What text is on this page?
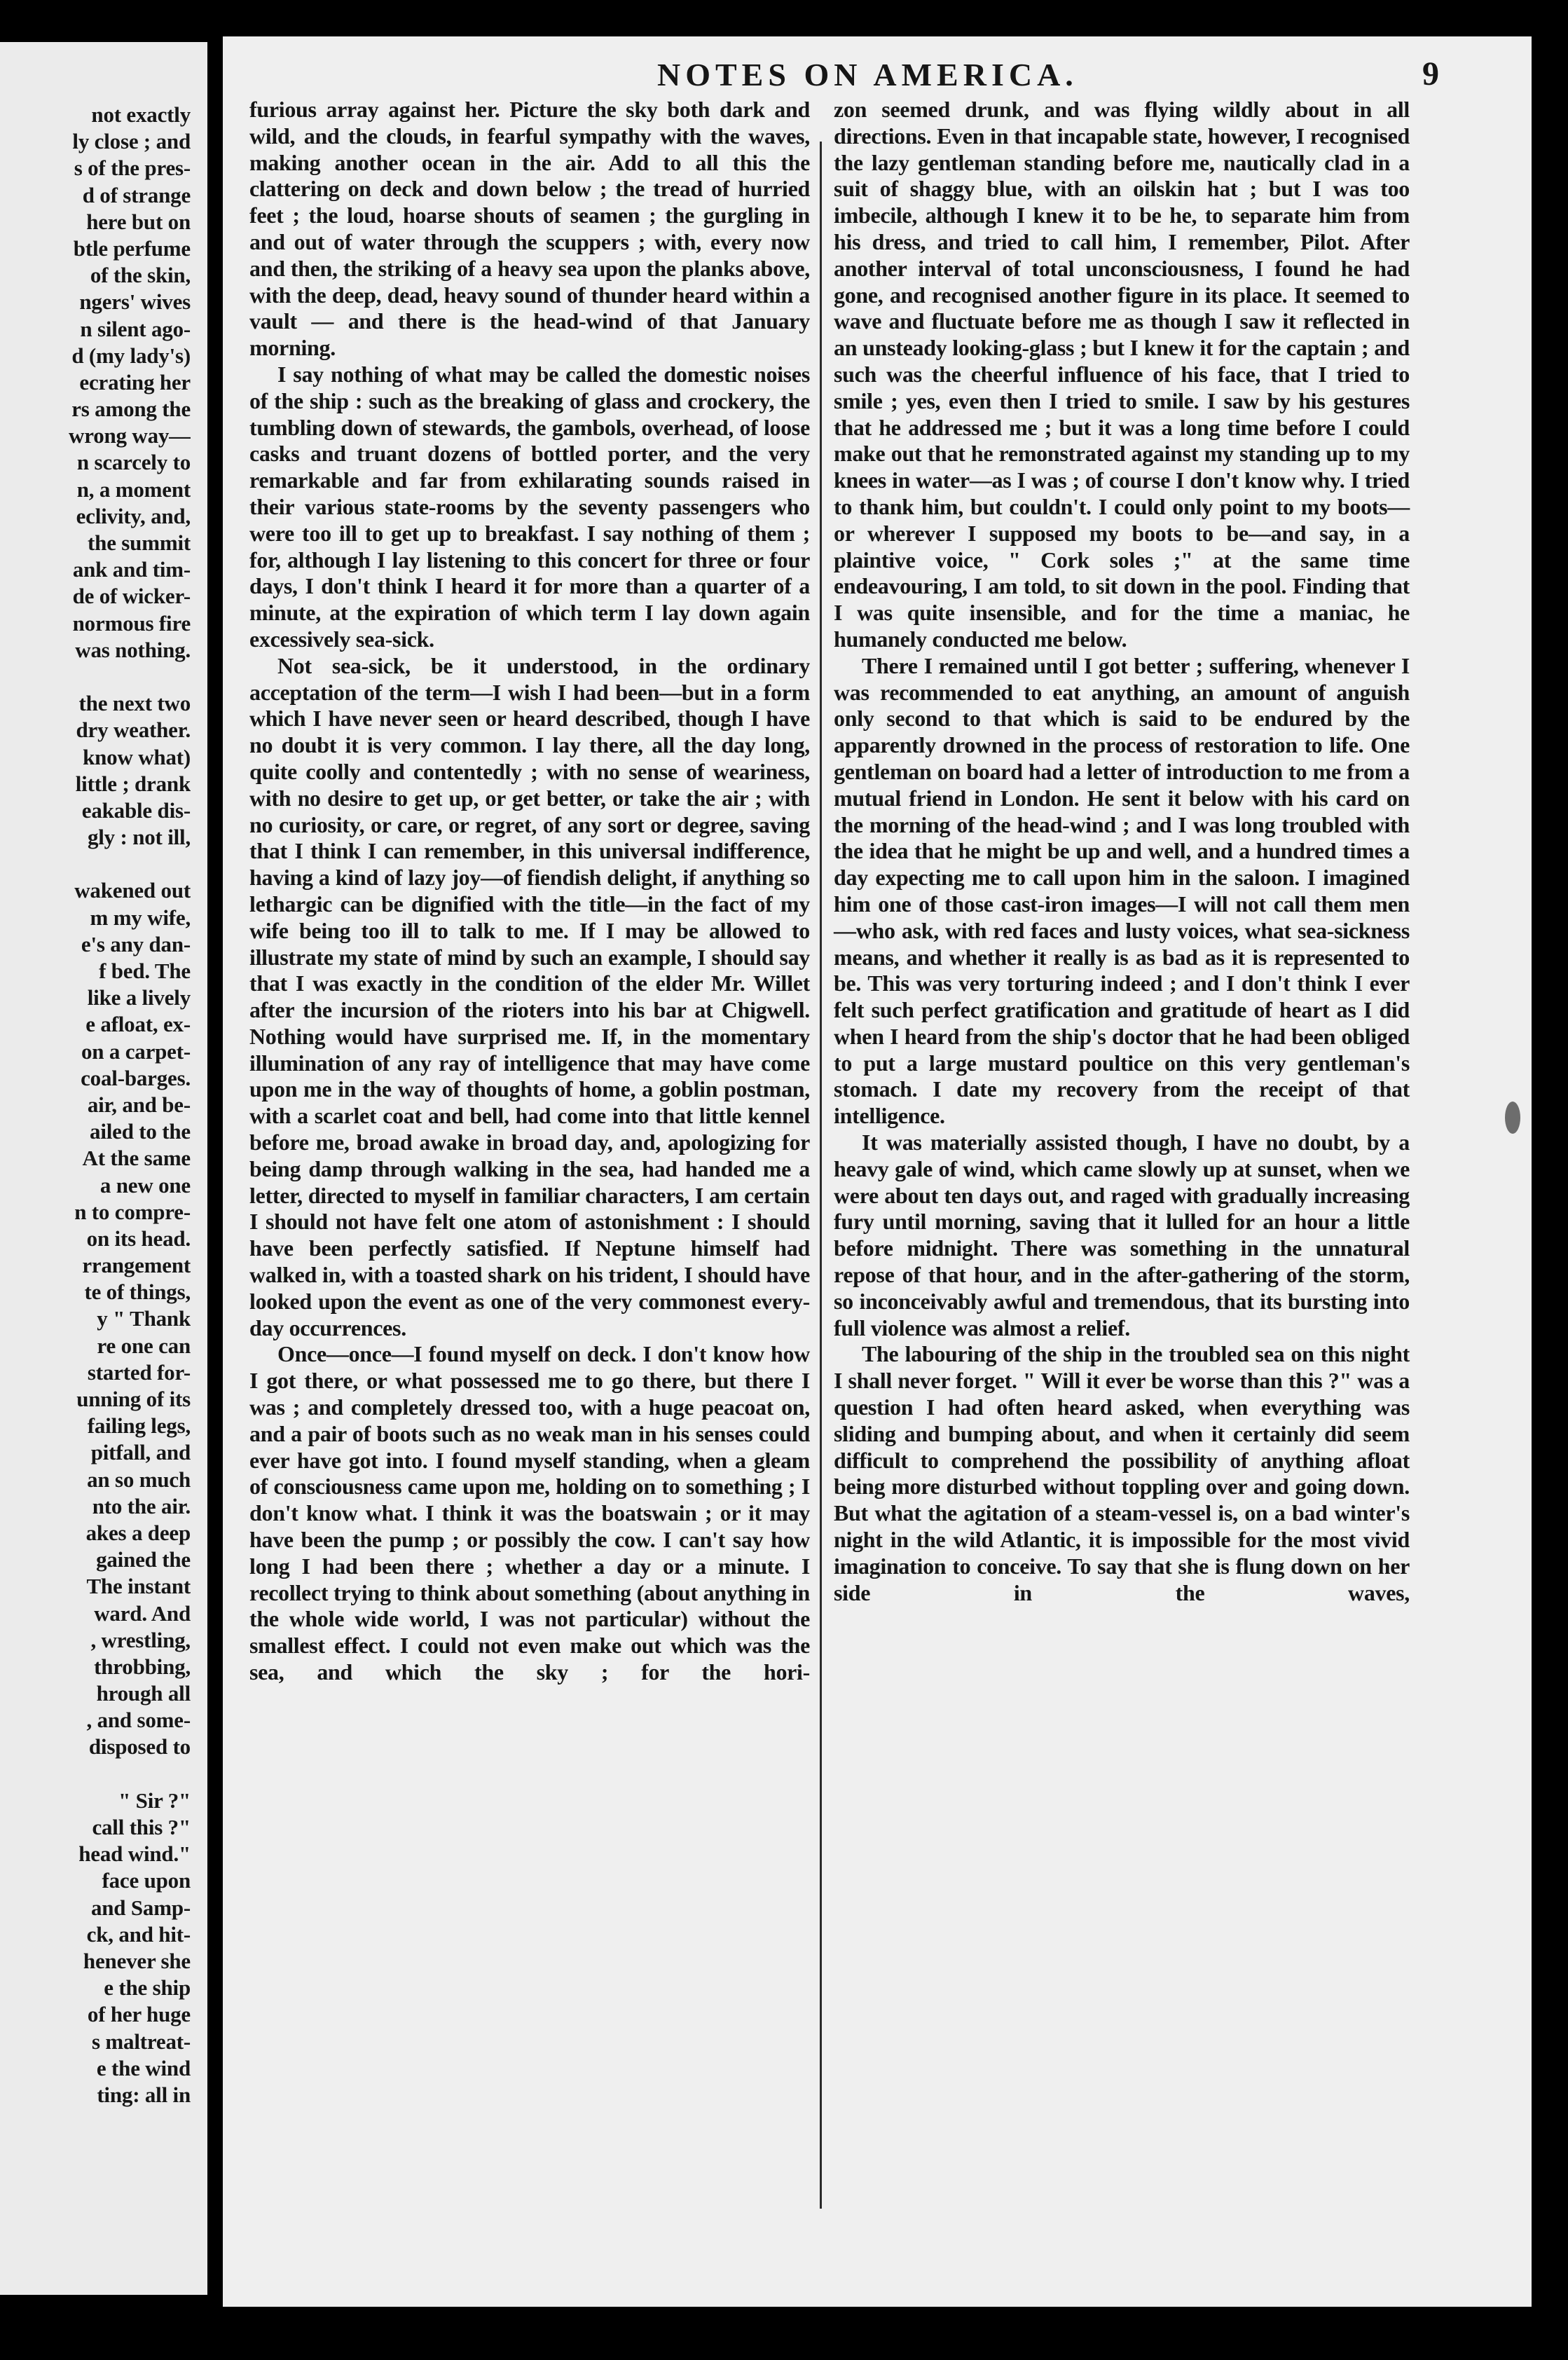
not exactly
ly close ; and
s of the pres-
d of strange
here but on
btle perfume
of the skin,
ngers' wives
n silent ago-
d (my lady's)
ecrating her
rs among the
wrong way—
n scarcely to
n, a moment
eclivity, and,
the summit
ank and tim-
de of wicker-
normous fire
was nothing.
the next two
dry weather.
know what)
little ; drank
eakable dis-
gly : not ill,
wakened out
m my wife,
e's any dan-
f bed. The
like a lively
e afloat, ex-
on a carpet-
coal-barges.
air, and be-
ailed to the
At the same
a new one
n to compre-
on its head.
rrangement
te of things,
y " Thank
re one can
started for-
unning of its
failing legs,
pitfall, and
an so much
nto the air.
akes a deep
gained the
The instant
ward. And
, wrestling,
throbbing,
hrough all
, and some-
disposed to
" Sir ?"
call this ?"
head wind."
face upon
and Samp-
ck, and hit-
henever she
e the ship
of her huge
s maltreat-
e the wind
ting: all in
NOTES ON AMERICA.	9

furious array against her. Picture the sky both dark and wild, and the clouds, in fearful sympathy with the waves, making another ocean in the air. Add to all this the clattering on deck and down below ; the tread of hurried feet ; the loud, hoarse shouts of seamen ; the gurgling in and out of water through the scuppers ; with, every now and then, the striking of a heavy sea upon the planks above, with the deep, dead, heavy sound of thunder heard within a vault — and there is the head-wind of that January morning.

I say nothing of what may be called the domestic noises of the ship : such as the breaking of glass and crockery, the tumbling down of stewards, the gambols, overhead, of loose casks and truant dozens of bottled porter, and the very remarkable and far from exhilarating sounds raised in their various state-rooms by the seventy passengers who were too ill to get up to breakfast. I say nothing of them ; for, although I lay listening to this concert for three or four days, I don't think I heard it for more than a quarter of a minute, at the expiration of which term I lay down again excessively sea-sick.

Not sea-sick, be it understood, in the ordinary acceptation of the term—I wish I had been—but in a form which I have never seen or heard described, though I have no doubt it is very common. I lay there, all the day long, quite coolly and contentedly ; with no sense of weariness, with no desire to get up, or get better, or take the air ; with no curiosity, or care, or regret, of any sort or degree, saving that I think I can remember, in this universal indifference, having a kind of lazy joy—of fiendish delight, if anything so lethargic can be dignified with the title—in the fact of my wife being too ill to talk to me. If I may be allowed to illustrate my state of mind by such an example, I should say that I was exactly in the condition of the elder Mr. Willet after the incursion of the rioters into his bar at Chigwell. Nothing would have surprised me. If, in the momentary illumination of any ray of intelligence that may have come upon me in the way of thoughts of home, a goblin postman, with a scarlet coat and bell, had come into that little kennel before me, broad awake in broad day, and, apologizing for being damp through walking in the sea, had handed me a letter, directed to myself in familiar characters, I am certain I should not have felt one atom of astonishment : I should have been perfectly satisfied. If Neptune himself had walked in, with a toasted shark on his trident, I should have looked upon the event as one of the very commonest every-day occurrences.

Once—once—I found myself on deck. I don't know how I got there, or what possessed me to go there, but there I was ; and completely dressed too, with a huge peacoat on, and a pair of boots such as no weak man in his senses could ever have got into. I found myself standing, when a gleam of consciousness came upon me, holding on to something ; I don't know what. I think it was the boatswain ; or it may have been the pump ; or possibly the cow. I can't say how long I had been there ; whether a day or a minute. I recollect trying to think about something (about anything in the whole wide world, I was not particular) without the smallest effect. I could not even make out which was the sea, and which the sky ; for the hori-

zon seemed drunk, and was flying wildly about in all directions. Even in that incapable state, however, I recognised the lazy gentleman standing before me, nautically clad in a suit of shaggy blue, with an oilskin hat ; but I was too imbecile, although I knew it to be he, to separate him from his dress, and tried to call him, I remember, Pilot. After another interval of total unconsciousness, I found he had gone, and recognised another figure in its place. It seemed to wave and fluctuate before me as though I saw it reflected in an unsteady looking-glass ; but I knew it for the captain ; and such was the cheerful influence of his face, that I tried to smile ; yes, even then I tried to smile. I saw by his gestures that he addressed me ; but it was a long time before I could make out that he remonstrated against my standing up to my knees in water—as I was ; of course I don't know why. I tried to thank him, but couldn't. I could only point to my boots—or wherever I supposed my boots to be—and say, in a plaintive voice, " Cork soles ;" at the same time endeavouring, I am told, to sit down in the pool. Finding that I was quite insensible, and for the time a maniac, he humanely conducted me below.

There I remained until I got better ; suffering, whenever I was recommended to eat anything, an amount of anguish only second to that which is said to be endured by the apparently drowned in the process of restoration to life. One gentleman on board had a letter of introduction to me from a mutual friend in London. He sent it below with his card on the morning of the head-wind ; and I was long troubled with the idea that he might be up and well, and a hundred times a day expecting me to call upon him in the saloon. I imagined him one of those cast-iron images—I will not call them men—who ask, with red faces and lusty voices, what sea-sickness means, and whether it really is as bad as it is represented to be. This was very torturing indeed ; and I don't think I ever felt such perfect gratification and gratitude of heart as I did when I heard from the ship's doctor that he had been obliged to put a large mustard poultice on this very gentleman's stomach. I date my recovery from the receipt of that intelligence.

It was materially assisted though, I have no doubt, by a heavy gale of wind, which came slowly up at sunset, when we were about ten days out, and raged with gradually increasing fury until morning, saving that it lulled for an hour a little before midnight. There was something in the unnatural repose of that hour, and in the after-gathering of the storm, so inconceivably awful and tremendous, that its bursting into full violence was almost a relief.

The labouring of the ship in the troubled sea on this night I shall never forget. " Will it ever be worse than this ?" was a question I had often heard asked, when everything was sliding and bumping about, and when it certainly did seem difficult to comprehend the possibility of anything afloat being more disturbed without toppling over and going down. But what the agitation of a steam-vessel is, on a bad winter's night in the wild Atlantic, it is impossible for the most vivid imagination to conceive. To say that she is flung down on her side in the waves,
